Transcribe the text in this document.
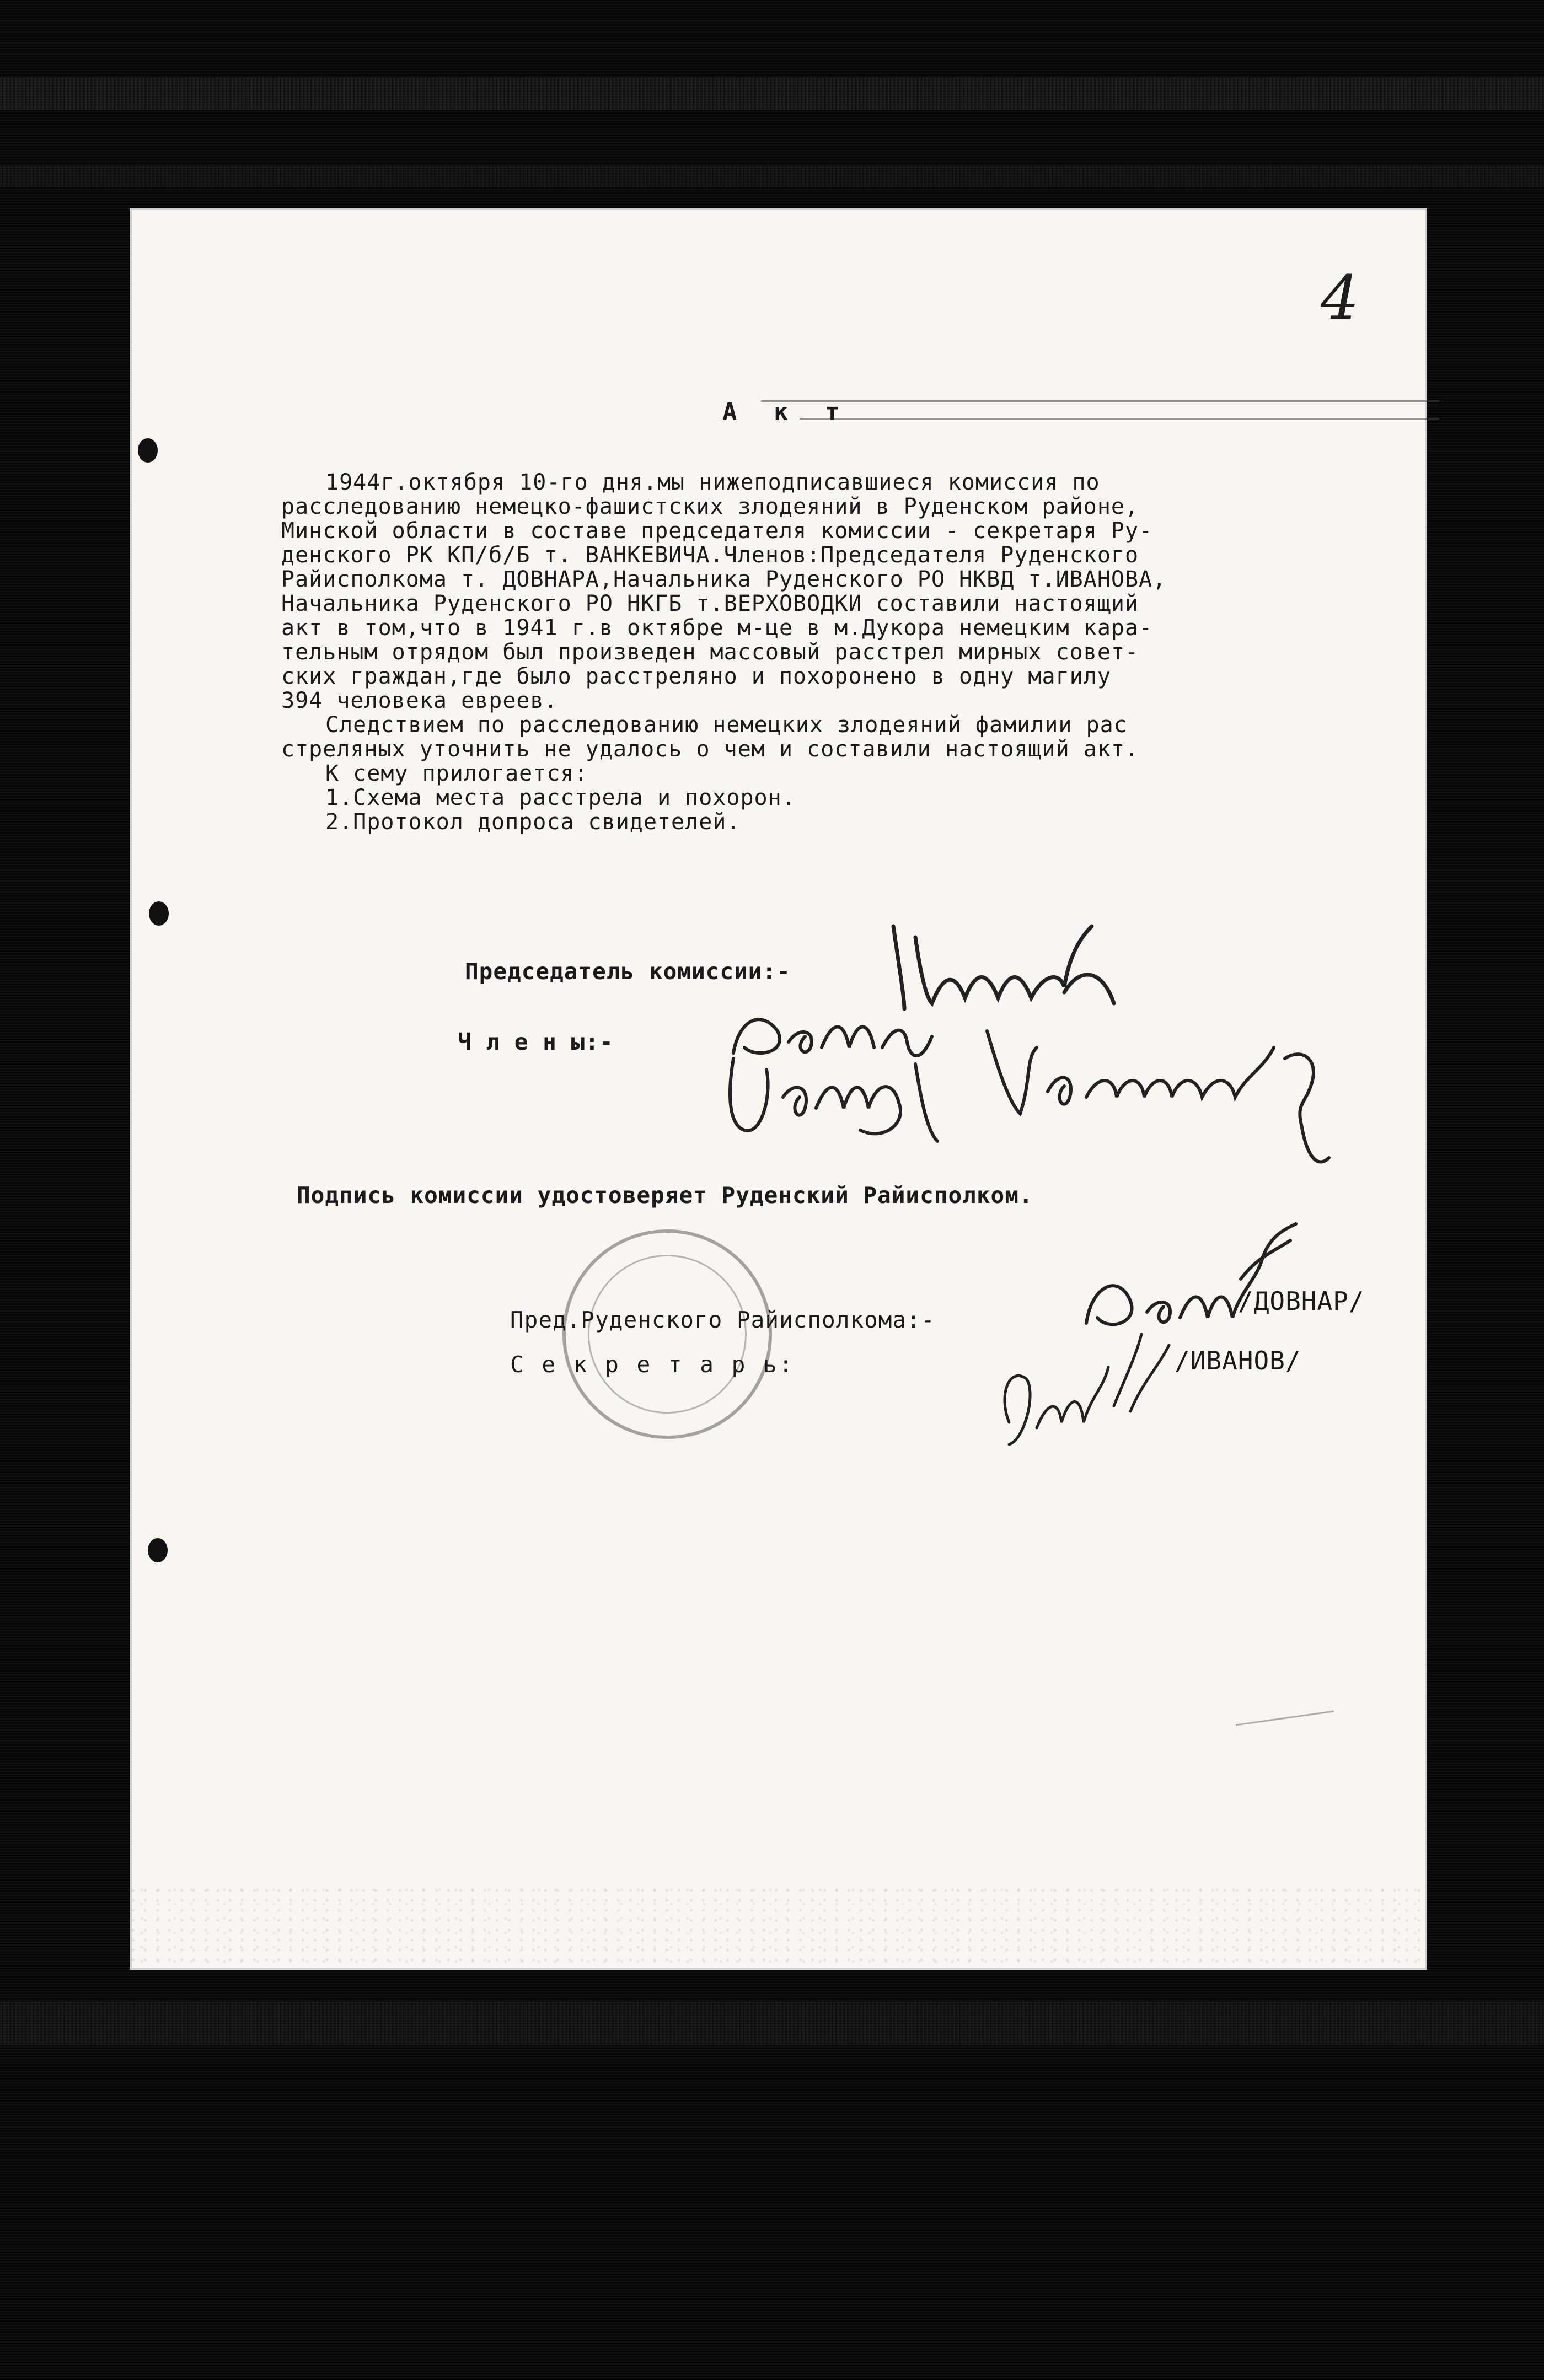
4
А к т
1944г.октября 10-го дня.мы нижеподписавшиеся комиссия по
расследованию немецко-фашистских злодеяний в Руденском районе,
Минской области в составе председателя комиссии - секретаря Ру-
денского РК КП/б/Б т. ВАНКЕВИЧА.Членов:Председателя Руденского
Райисполкома т. ДОВНАРА,Начальника Руденского РО НКВД т.ИВАНОВА,
Начальника Руденского РО НКГБ т.ВЕРХОВОДКИ составили настоящий
акт в том,что в 1941 г.в октябре м-це в м.Дукора немецким кара-
тельным отрядом был произведен массовый расстрел мирных совет-
ских граждан,где было расстреляно и похоронено в одну магилу
394 человека евреев.
Следствием по расследованию немецких злодеяний фамилии рас
стреляных уточнить не удалось о чем и составили настоящий акт.
К сему прилогается:
1.Схема места расстрела и похорон.
2.Протокол допроса свидетелей.
Председатель комиссии:-
Ч л е н ы:-
Подпись комиссии удостоверяет Руденский Райисполком.
Пред.Руденского Райисполкома:-
/ДОВНАР/
С е к р е т а р ь:	/ИВАНОВ/
